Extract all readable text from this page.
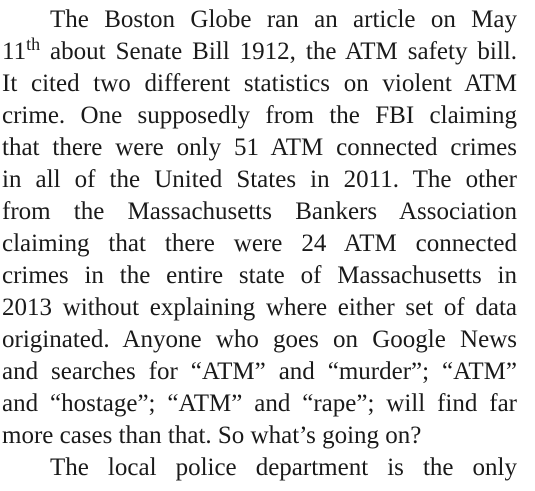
The Boston Globe ran an article on May
11th about Senate Bill 1912, the ATM safety bill.
It cited two different statistics on violent ATM
crime. One supposedly from the FBI claiming
that there were only 51 ATM connected crimes
in all of the United States in 2011. The other
from the Massachusetts Bankers Association
claiming that there were 24 ATM connected
crimes in the entire state of Massachusetts in
2013 without explaining where either set of data
originated. Anyone who goes on Google News
and searches for “ATM” and “murder”; “ATM”
and “hostage”; “ATM” and “rape”; will find far
more cases than that. So what’s going on?
The local police department is the only
